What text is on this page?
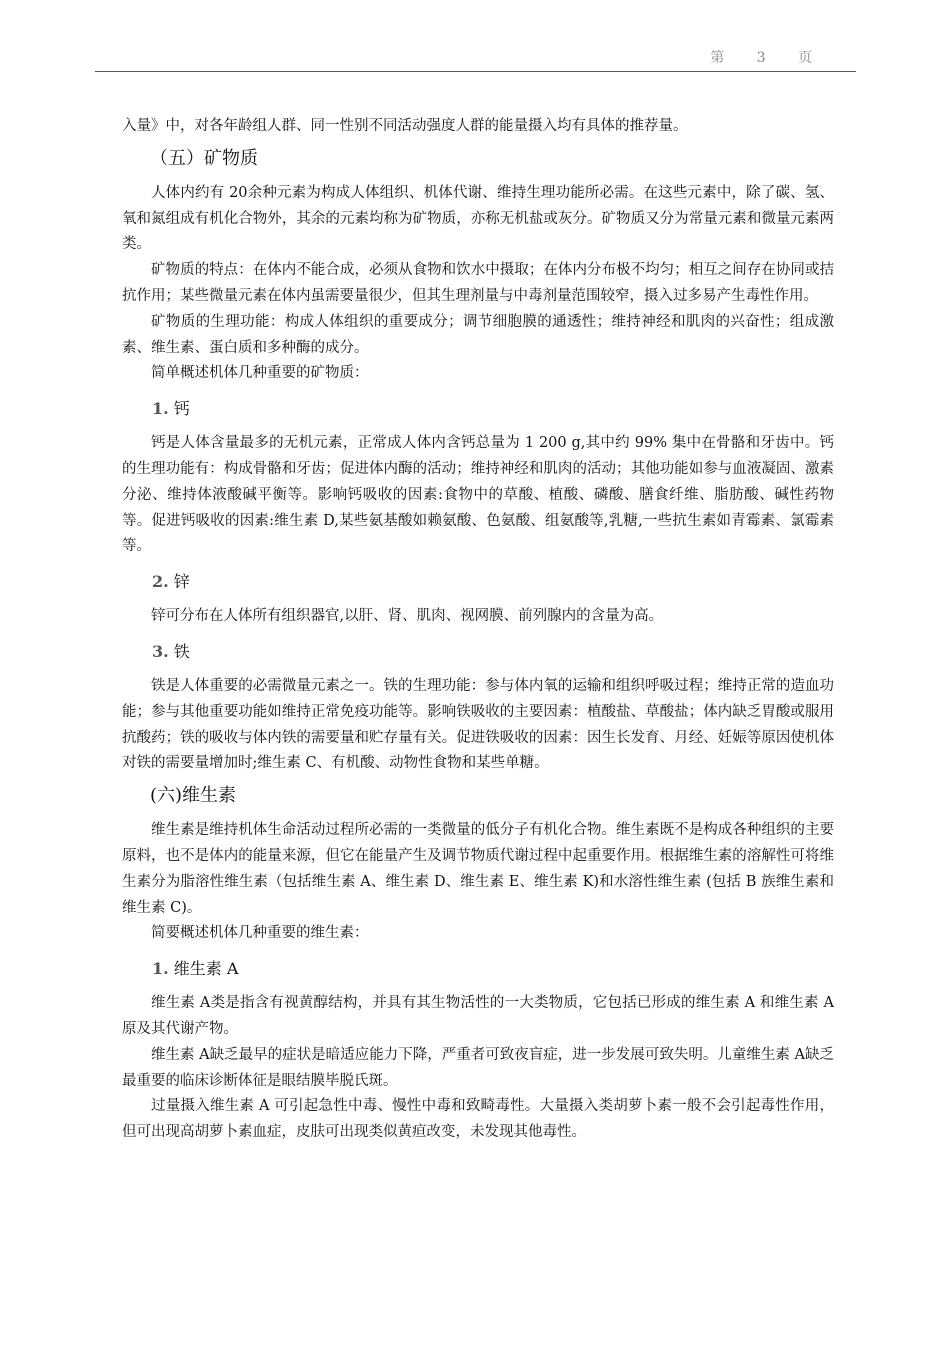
第 3 页

入量》中，对各年龄组人群、同一性别不同活动强度人群的能量摄入均有具体的推荐量。

（五）矿物质

人体内约有 20余种元素为构成人体组织、机体代谢、维持生理功能所必需。在这些元素中，除了碳、氢、氧和氮组成有机化合物外，其余的元素均称为矿物质，亦称无机盐或灰分。矿物质又分为常量元素和微量元素两类。

矿物质的特点：在体内不能合成，必须从食物和饮水中摄取；在体内分布极不均匀；相互之间存在协同或拮抗作用；某些微量元素在体内虽需要量很少，但其生理剂量与中毒剂量范围较窄，摄入过多易产生毒性作用。

矿物质的生理功能：构成人体组织的重要成分；调节细胞膜的通透性；维持神经和肌肉的兴奋性；组成激素、维生素、蛋白质和多种酶的成分。

简单概述机体几种重要的矿物质：

1. 钙

钙是人体含量最多的无机元素，正常成人体内含钙总量为 1 200 g,其中约 99% 集中在骨骼和牙齿中。钙的生理功能有：构成骨骼和牙齿；促进体内酶的活动；维持神经和肌肉的活动；其他功能如参与血液凝固、激素分泌、维持体液酸碱平衡等。影响钙吸收的因素:食物中的草酸、植酸、磷酸、膳食纤维、脂肪酸、碱性药物等。促进钙吸收的因素:维生素 D,某些氨基酸如赖氨酸、色氨酸、组氨酸等,乳糖,一些抗生素如青霉素、氯霉素等。

2. 锌

锌可分布在人体所有组织器官,以肝、肾、肌肉、视网膜、前列腺内的含量为高。

3. 铁

铁是人体重要的必需微量元素之一。铁的生理功能：参与体内氧的运输和组织呼吸过程；维持正常的造血功能；参与其他重要功能如维持正常免疫功能等。影响铁吸收的主要因素：植酸盐、草酸盐；体内缺乏胃酸或服用抗酸药；铁的吸收与体内铁的需要量和贮存量有关。促进铁吸收的因素：因生长发育、月经、妊娠等原因使机体对铁的需要量增加时;维生素 C、有机酸、动物性食物和某些单糖。

(六)维生素

维生素是维持机体生命活动过程所必需的一类微量的低分子有机化合物。维生素既不是构成各种组织的主要原料，也不是体内的能量来源，但它在能量产生及调节物质代谢过程中起重要作用。根据维生素的溶解性可将维生素分为脂溶性维生素（包括维生素 A、维生素 D、维生素 E、维生素 K)和水溶性维生素 (包括 B 族维生素和维生素 C)。

简要概述机体几种重要的维生素：

1. 维生素 A

维生素 A类是指含有视黄醇结构，并具有其生物活性的一大类物质，它包括已形成的维生素 A 和维生素 A原及其代谢产物。

维生素 A缺乏最早的症状是暗适应能力下降，严重者可致夜盲症，进一步发展可致失明。儿童维生素 A缺乏最重要的临床诊断体征是眼结膜毕脱氏斑。

过量摄入维生素 A 可引起急性中毒、慢性中毒和致畸毒性。大量摄入类胡萝卜素一般不会引起毒性作用，但可出现高胡萝卜素血症，皮肤可出现类似黄疸改变，未发现其他毒性。
